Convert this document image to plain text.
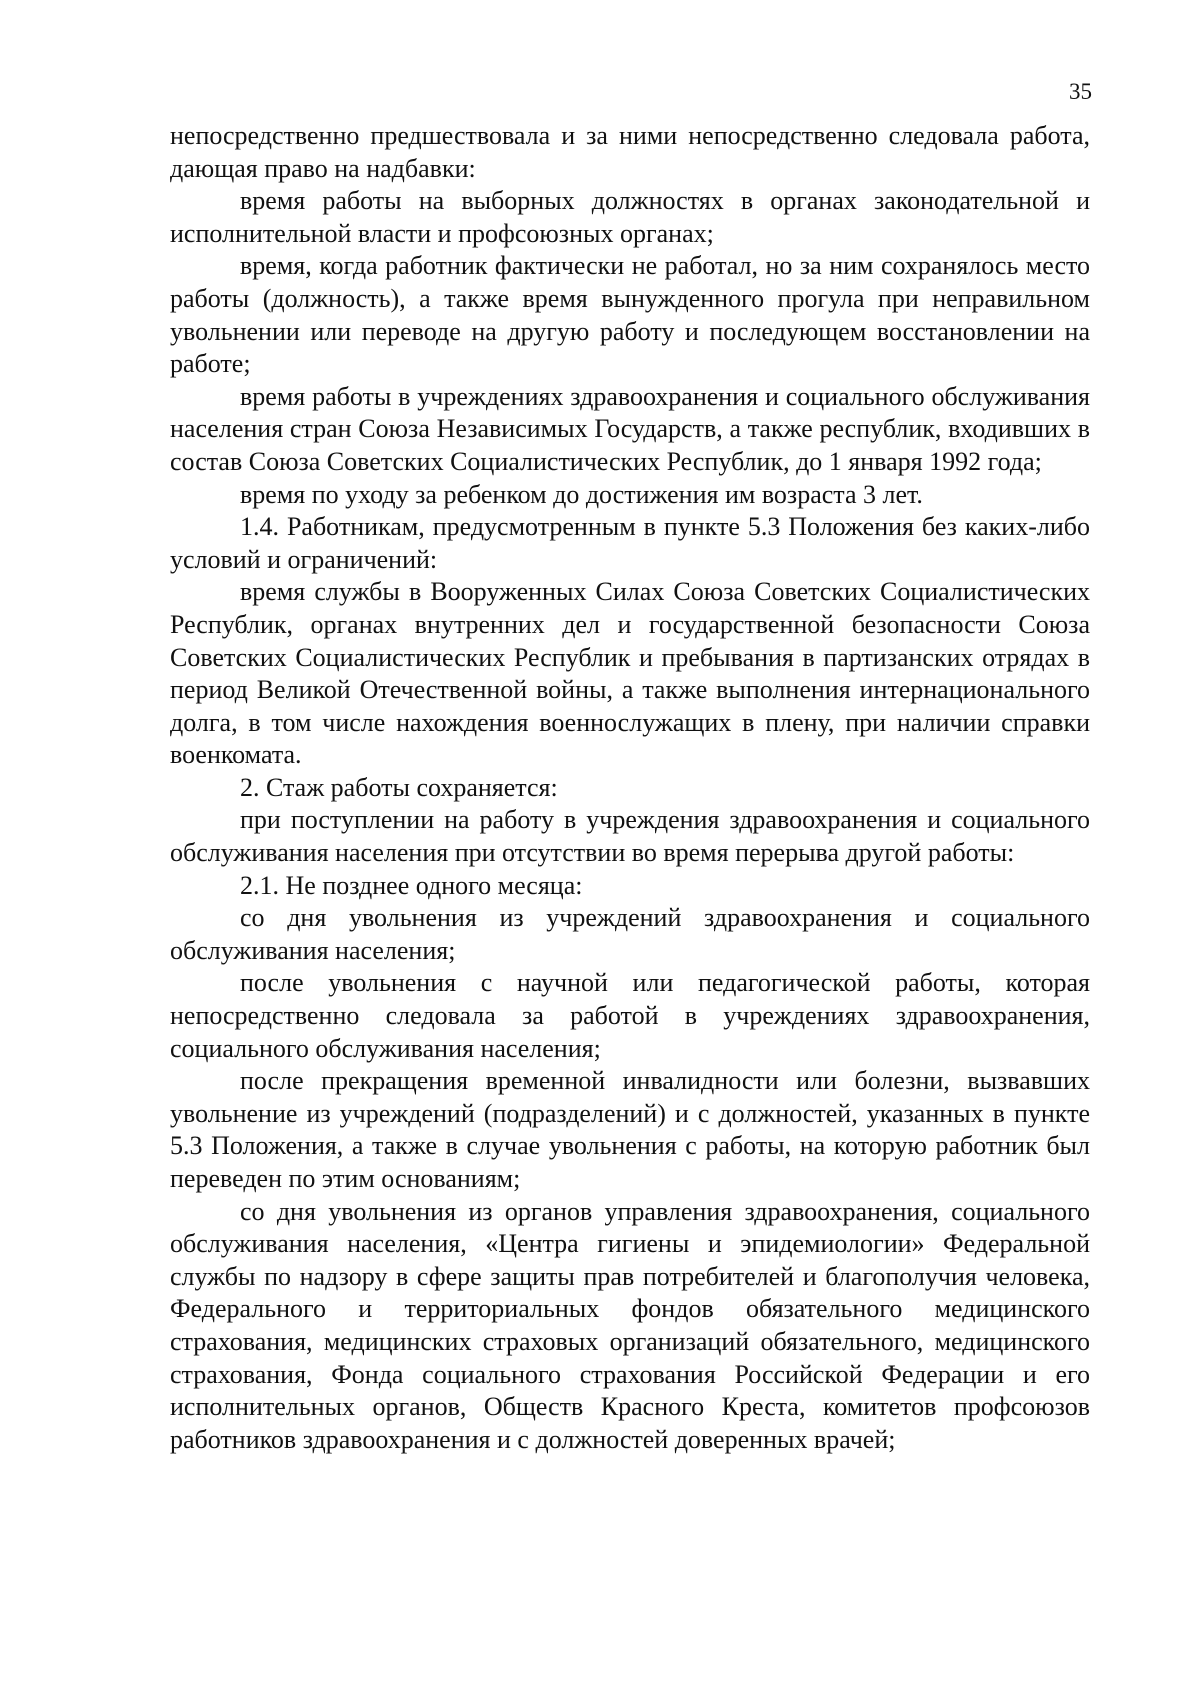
35

непосредственно предшествовала и за ними непосредственно следовала работа, дающая право на надбавки:

время работы на выборных должностях в органах законодательной и исполнительной власти и профсоюзных органах;

время, когда работник фактически не работал, но за ним сохранялось место работы (должность), а также время вынужденного прогула при неправильном увольнении или переводе на другую работу и последующем восстановлении на работе;

время работы в учреждениях здравоохранения и социального обслуживания населения стран Союза Независимых Государств, а также республик, входивших в состав Союза Советских Социалистических Республик, до 1 января 1992 года;

время по уходу за ребенком до достижения им возраста 3 лет.

1.4. Работникам, предусмотренным в пункте 5.3 Положения без каких-либо условий и ограничений:

время службы в Вооруженных Силах Союза Советских Социалистических Республик, органах внутренних дел и государственной безопасности Союза Советских Социалистических Республик и пребывания в партизанских отрядах в период Великой Отечественной войны, а также выполнения интернационального долга, в том числе нахождения военнослужащих в плену, при наличии справки военкомата.

2. Стаж работы сохраняется:

при поступлении на работу в учреждения здравоохранения и социального обслуживания населения при отсутствии во время перерыва другой работы:

2.1. Не позднее одного месяца:

со дня увольнения из учреждений здравоохранения и социального обслуживания населения;

после увольнения с научной или педагогической работы, которая непосредственно следовала за работой в учреждениях здравоохранения, социального обслуживания населения;

после прекращения временной инвалидности или болезни, вызвавших увольнение из учреждений (подразделений) и с должностей, указанных в пункте 5.3 Положения, а также в случае увольнения с работы, на которую работник был переведен по этим основаниям;

со дня увольнения из органов управления здравоохранения, социального обслуживания населения, «Центра гигиены и эпидемиологии» Федеральной службы по надзору в сфере защиты прав потребителей и благополучия человека, Федерального и территориальных фондов обязательного медицинского страхования, медицинских страховых организаций обязательного, медицинского страхования, Фонда социального страхования Российской Федерации и его исполнительных органов, Обществ Красного Креста, комитетов профсоюзов работников здравоохранения и с должностей доверенных врачей;
